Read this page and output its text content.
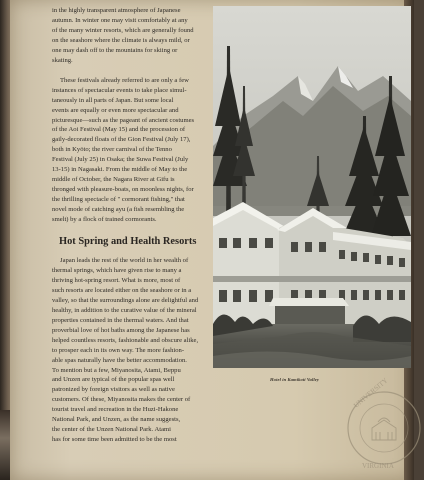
in the highly transparent atmosphere of Japanese

autumn. In winter one may visit comfortably at any

of the many winter resorts, which are generally found

on the seashore where the climate is always mild, or

one may dash off to the mountains for skiing or

skating.

These festivals already referred to are only a few

instances of spectacular events to take place simul-

taneously in all parts of Japan. But some local

events are equally or even more spectacular and

picturesque—such as the pageant of ancient costumes

of the Aoi Festival (May 15) and the procession of

gaily-decorated floats of the Gion Festival (July 17),

both in Kyōto; the river carnival of the Tenno

Festival (July 25) in Osaka; the Suwa Festival (July

13-15) in Nagasaki. From the middle of May to the

middle of October, the Nagara River at Gifu is

thronged with pleasure-boats, on moonless nights, for

the thrilling spectacle of " cormorant fishing," that

novel mode of catching ayu (a fish resembling the

smelt) by a flock of trained cormorants.

Hot Spring and Health Resorts

Japan leads the rest of the world in her wealth of

thermal springs, which have given rise to many a

thriving hot-spring resort. What is more, most of

such resorts are located either on the seashore or in a

valley, so that the surroundings alone are delightful and

healthy, in addition to the curative value of the mineral

properties contained in the thermal waters. And that

proverbial love of hot baths among the Japanese has

helped countless resorts, fashionable and obscure alike,

to prosper each in its own way. The more fashion-

able spas naturally have the better accommodation.

To mention but a few, Miyanosita, Atami, Beppu

and Unzen are typical of the popular spas well

patronized by foreign visitors as well as native

customers. Of these, Miyanosita makes the center of

tourist travel and recreation in the Huzi-Hakone

National Park, and Unzen, as the name suggests,

the center of the Unzen National Park. Atami

has for some time been admitted to be the most

Hotel in Kamikoti Valley	UNIVERSITY
VIRGINIA
